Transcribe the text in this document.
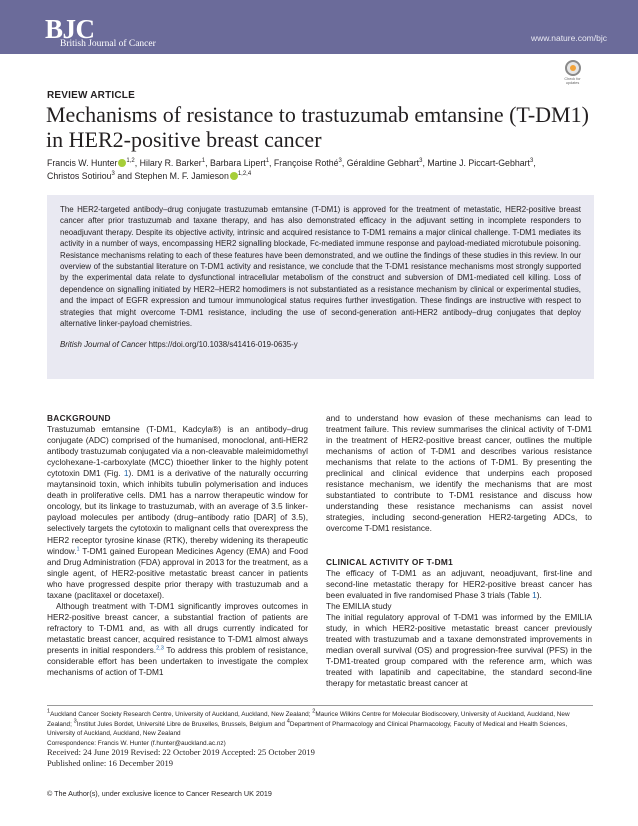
BJC
British Journal of Cancer
www.nature.com/bjc
Check for updates
REVIEW ARTICLE
Mechanisms of resistance to trastuzumab emtansine (T-DM1) in HER2-positive breast cancer
Francis W. Hunter $^{1,2}$, Hilary R. Barker$^1$, Barbara Lipert$^1$, Françoise Rothé$^3$, Géraldine Gebhart$^3$, Martine J. Piccart-Gebhart$^3$,
Christos Sotiriou$^3$ and Stephen M. F. Jamieson $^{1,2,4}$

The HER2-targeted antibody–drug conjugate trastuzumab emtansine (T-DM1) is approved for the treatment of metastatic, HER2-positive breast cancer after prior trastuzumab and taxane therapy, and has also demonstrated efficacy in the adjuvant setting in incomplete responders to neoadjuvant therapy. Despite its objective activity, intrinsic and acquired resistance to T-DM1 remains a major clinical challenge. T-DM1 mediates its activity in a number of ways, encompassing HER2 signalling blockade, Fc-mediated immune response and payload-mediated microtubule poisoning. Resistance mechanisms relating to each of these features have been demonstrated, and we outline the findings of these studies in this review. In our overview of the substantial literature on T-DM1 activity and resistance, we conclude that the T-DM1 resistance mechanisms most strongly supported by the experimental data relate to dysfunctional intracellular metabolism of the construct and subversion of DM1-mediated cell killing. Loss of dependence on signalling initiated by HER2–HER2 homodimers is not substantiated as a resistance mechanism by clinical or experimental studies, and the impact of EGFR expression and tumour immunological status requires further investigation. These findings are instructive with respect to strategies that might overcome T-DM1 resistance, including the use of second-generation anti-HER2 antibody–drug conjugates that deploy alternative linker-payload chemistries.

British Journal of Cancer https://doi.org/10.1038/s41416-019-0635-y

BACKGROUND

Trastuzumab emtansine (T-DM1, Kadcyla®) is an antibody–drug conjugate (ADC) comprised of the humanised, monoclonal, anti-HER2 antibody trastuzumab conjugated via a non-cleavable maleimidomethyl cyclohexane-1-carboxylate (MCC) thioether linker to the highly potent cytotoxin DM1 (Fig. 1). DM1 is a derivative of the naturally occurring maytansinoid toxin, which inhibits tubulin polymerisation and induces death in proliferative cells. DM1 has a narrow therapeutic window for oncology, but its linkage to trastuzumab, with an average of 3.5 linker-payload molecules per antibody (drug–antibody ratio [DAR] of 3.5), selectively targets the cytotoxin to malignant cells that overexpress the HER2 receptor tyrosine kinase (RTK), thereby widening its therapeutic window.$^1$ T-DM1 gained European Medicines Agency (EMA) and Food and Drug Administration (FDA) approval in 2013 for the treatment, as a single agent, of HER2-positive metastatic breast cancer in patients who have progressed despite prior therapy with trastuzumab and a taxane (paclitaxel or docetaxel).

Although treatment with T-DM1 significantly improves outcomes in HER2-positive breast cancer, a substantial fraction of patients are refractory to T-DM1 and, as with all drugs currently indicated for metastatic breast cancer, acquired resistance to T-DM1 almost always presents in initial responders.$^{2,3}$ To address this problem of resistance, considerable effort has been undertaken to investigate the complex mechanisms of action of T-DM1

and to understand how evasion of these mechanisms can lead to treatment failure. This review summarises the clinical activity of T-DM1 in the treatment of HER2-positive breast cancer, outlines the multiple mechanisms of action of T-DM1 and describes various resistance mechanisms that relate to the actions of T-DM1. By presenting the preclinical and clinical evidence that underpins each proposed resistance mechanism, we identify the mechanisms that are most substantiated to contribute to T-DM1 resistance and discuss how understanding these resistance mechanisms can assist novel strategies, including second-generation HER2-targeting ADCs, to overcome T-DM1 resistance.

CLINICAL ACTIVITY OF T-DM1

The efficacy of T-DM1 as an adjuvant, neoadjuvant, first-line and second-line metastatic therapy for HER2-positive breast cancer has been evaluated in five randomised Phase 3 trials (Table 1).

The EMILIA study

The initial regulatory approval of T-DM1 was informed by the EMILIA study, in which HER2-positive metastatic breast cancer previously treated with trastuzumab and a taxane demonstrated improvements in median overall survival (OS) and progression-free survival (PFS) in the T-DM1-treated group compared with the reference arm, which was treated with lapatinib and capecitabine, the standard second-line therapy for metastatic breast cancer at

$^1$Auckland Cancer Society Research Centre, University of Auckland, Auckland, New Zealand; $^2$Maurice Wilkins Centre for Molecular Biodiscovery, University of Auckland, Auckland, New Zealand; $^3$Institut Jules Bordet, Université Libre de Bruxelles, Brussels, Belgium and $^4$Department of Pharmacology and Clinical Pharmacology, Faculty of Medical and Health Sciences, University of Auckland, Auckland, New Zealand

Correspondence: Francis W. Hunter (f.hunter@auckland.ac.nz)

Received: 24 June 2019 Revised: 22 October 2019 Accepted: 25 October 2019

Published online: 16 December 2019

© The Author(s), under exclusive licence to Cancer Research UK 2019
